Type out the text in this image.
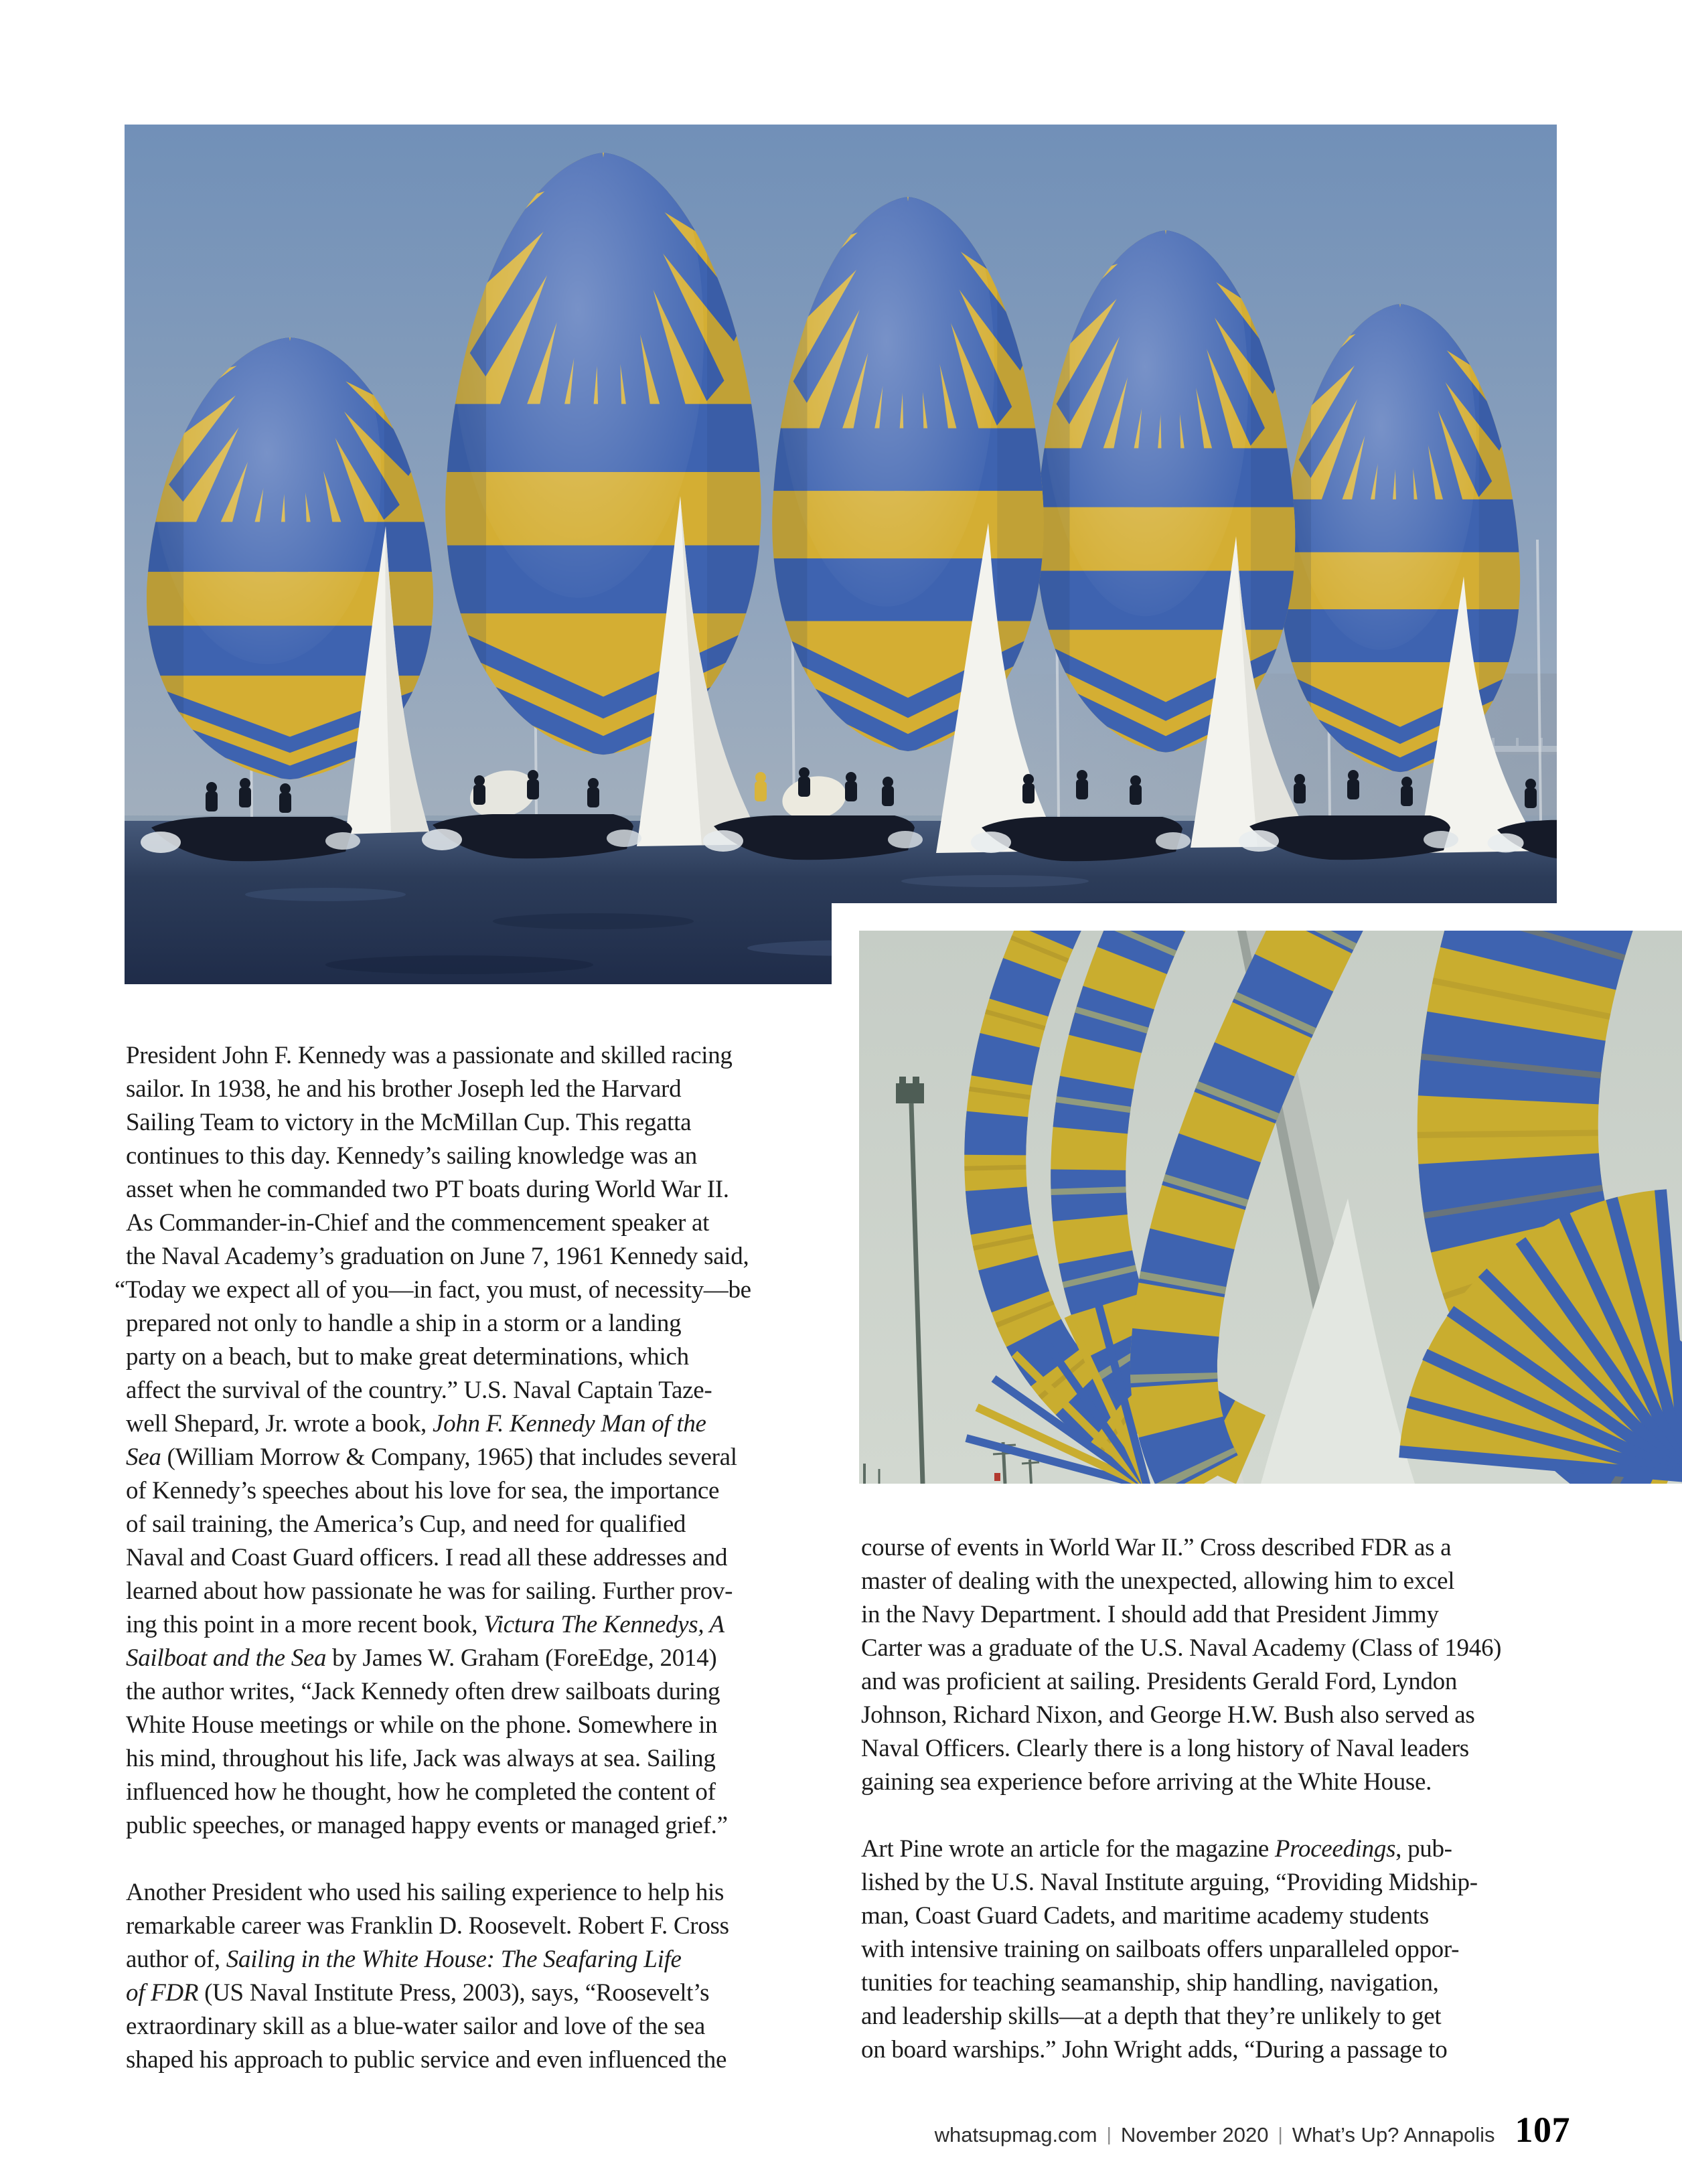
President John F. Kennedy was a passionate and skilled racing
sailor. In 1938, he and his brother Joseph led the Harvard
Sailing Team to victory in the McMillan Cup. This regatta
continues to this day. Kennedy’s sailing knowledge was an
asset when he commanded two PT boats during World War II.
As Commander-in-Chief and the commencement speaker at
the Naval Academy’s graduation on June 7, 1961 Kennedy said,
“Today we expect all of you—in fact, you must, of necessity—be
prepared not only to handle a ship in a storm or a landing
party on a beach, but to make great determinations, which
affect the survival of the country.” U.S. Naval Captain Taze-
well Shepard, Jr. wrote a book, John F. Kennedy Man of the
Sea (William Morrow & Company, 1965) that includes several
of Kennedy’s speeches about his love for sea, the importance
of sail training, the America’s Cup, and need for qualified
Naval and Coast Guard officers. I read all these addresses and
learned about how passionate he was for sailing. Further prov-
ing this point in a more recent book, Victura The Kennedys, A
Sailboat and the Sea by James W. Graham (ForeEdge, 2014)
the author writes, “Jack Kennedy often drew sailboats during
White House meetings or while on the phone. Somewhere in
his mind, throughout his life, Jack was always at sea. Sailing
influenced how he thought, how he completed the content of
public speeches, or managed happy events or managed grief.”
Another President who used his sailing experience to help his
remarkable career was Franklin D. Roosevelt. Robert F. Cross
author of, Sailing in the White House: The Seafaring Life
of FDR (US Naval Institute Press, 2003), says, “Roosevelt’s
extraordinary skill as a blue-water sailor and love of the sea
shaped his approach to public service and even influenced the
course of events in World War II.” Cross described FDR as a
master of dealing with the unexpected, allowing him to excel
in the Navy Department. I should add that President Jimmy
Carter was a graduate of the U.S. Naval Academy (Class of 1946)
and was proficient at sailing. Presidents Gerald Ford, Lyndon
Johnson, Richard Nixon, and George H.W. Bush also served as
Naval Officers. Clearly there is a long history of Naval leaders
gaining sea experience before arriving at the White House.
Art Pine wrote an article for the magazine Proceedings, pub-
lished by the U.S. Naval Institute arguing, “Providing Midship-
man, Coast Guard Cadets, and maritime academy students
with intensive training on sailboats offers unparalleled oppor-
tunities for teaching seamanship, ship handling, navigation,
and leadership skills—at a depth that they’re unlikely to get
on board warships.” John Wright adds, “During a passage to
whatsupmag.com | November 2020 | What’s Up? Annapolis 107
